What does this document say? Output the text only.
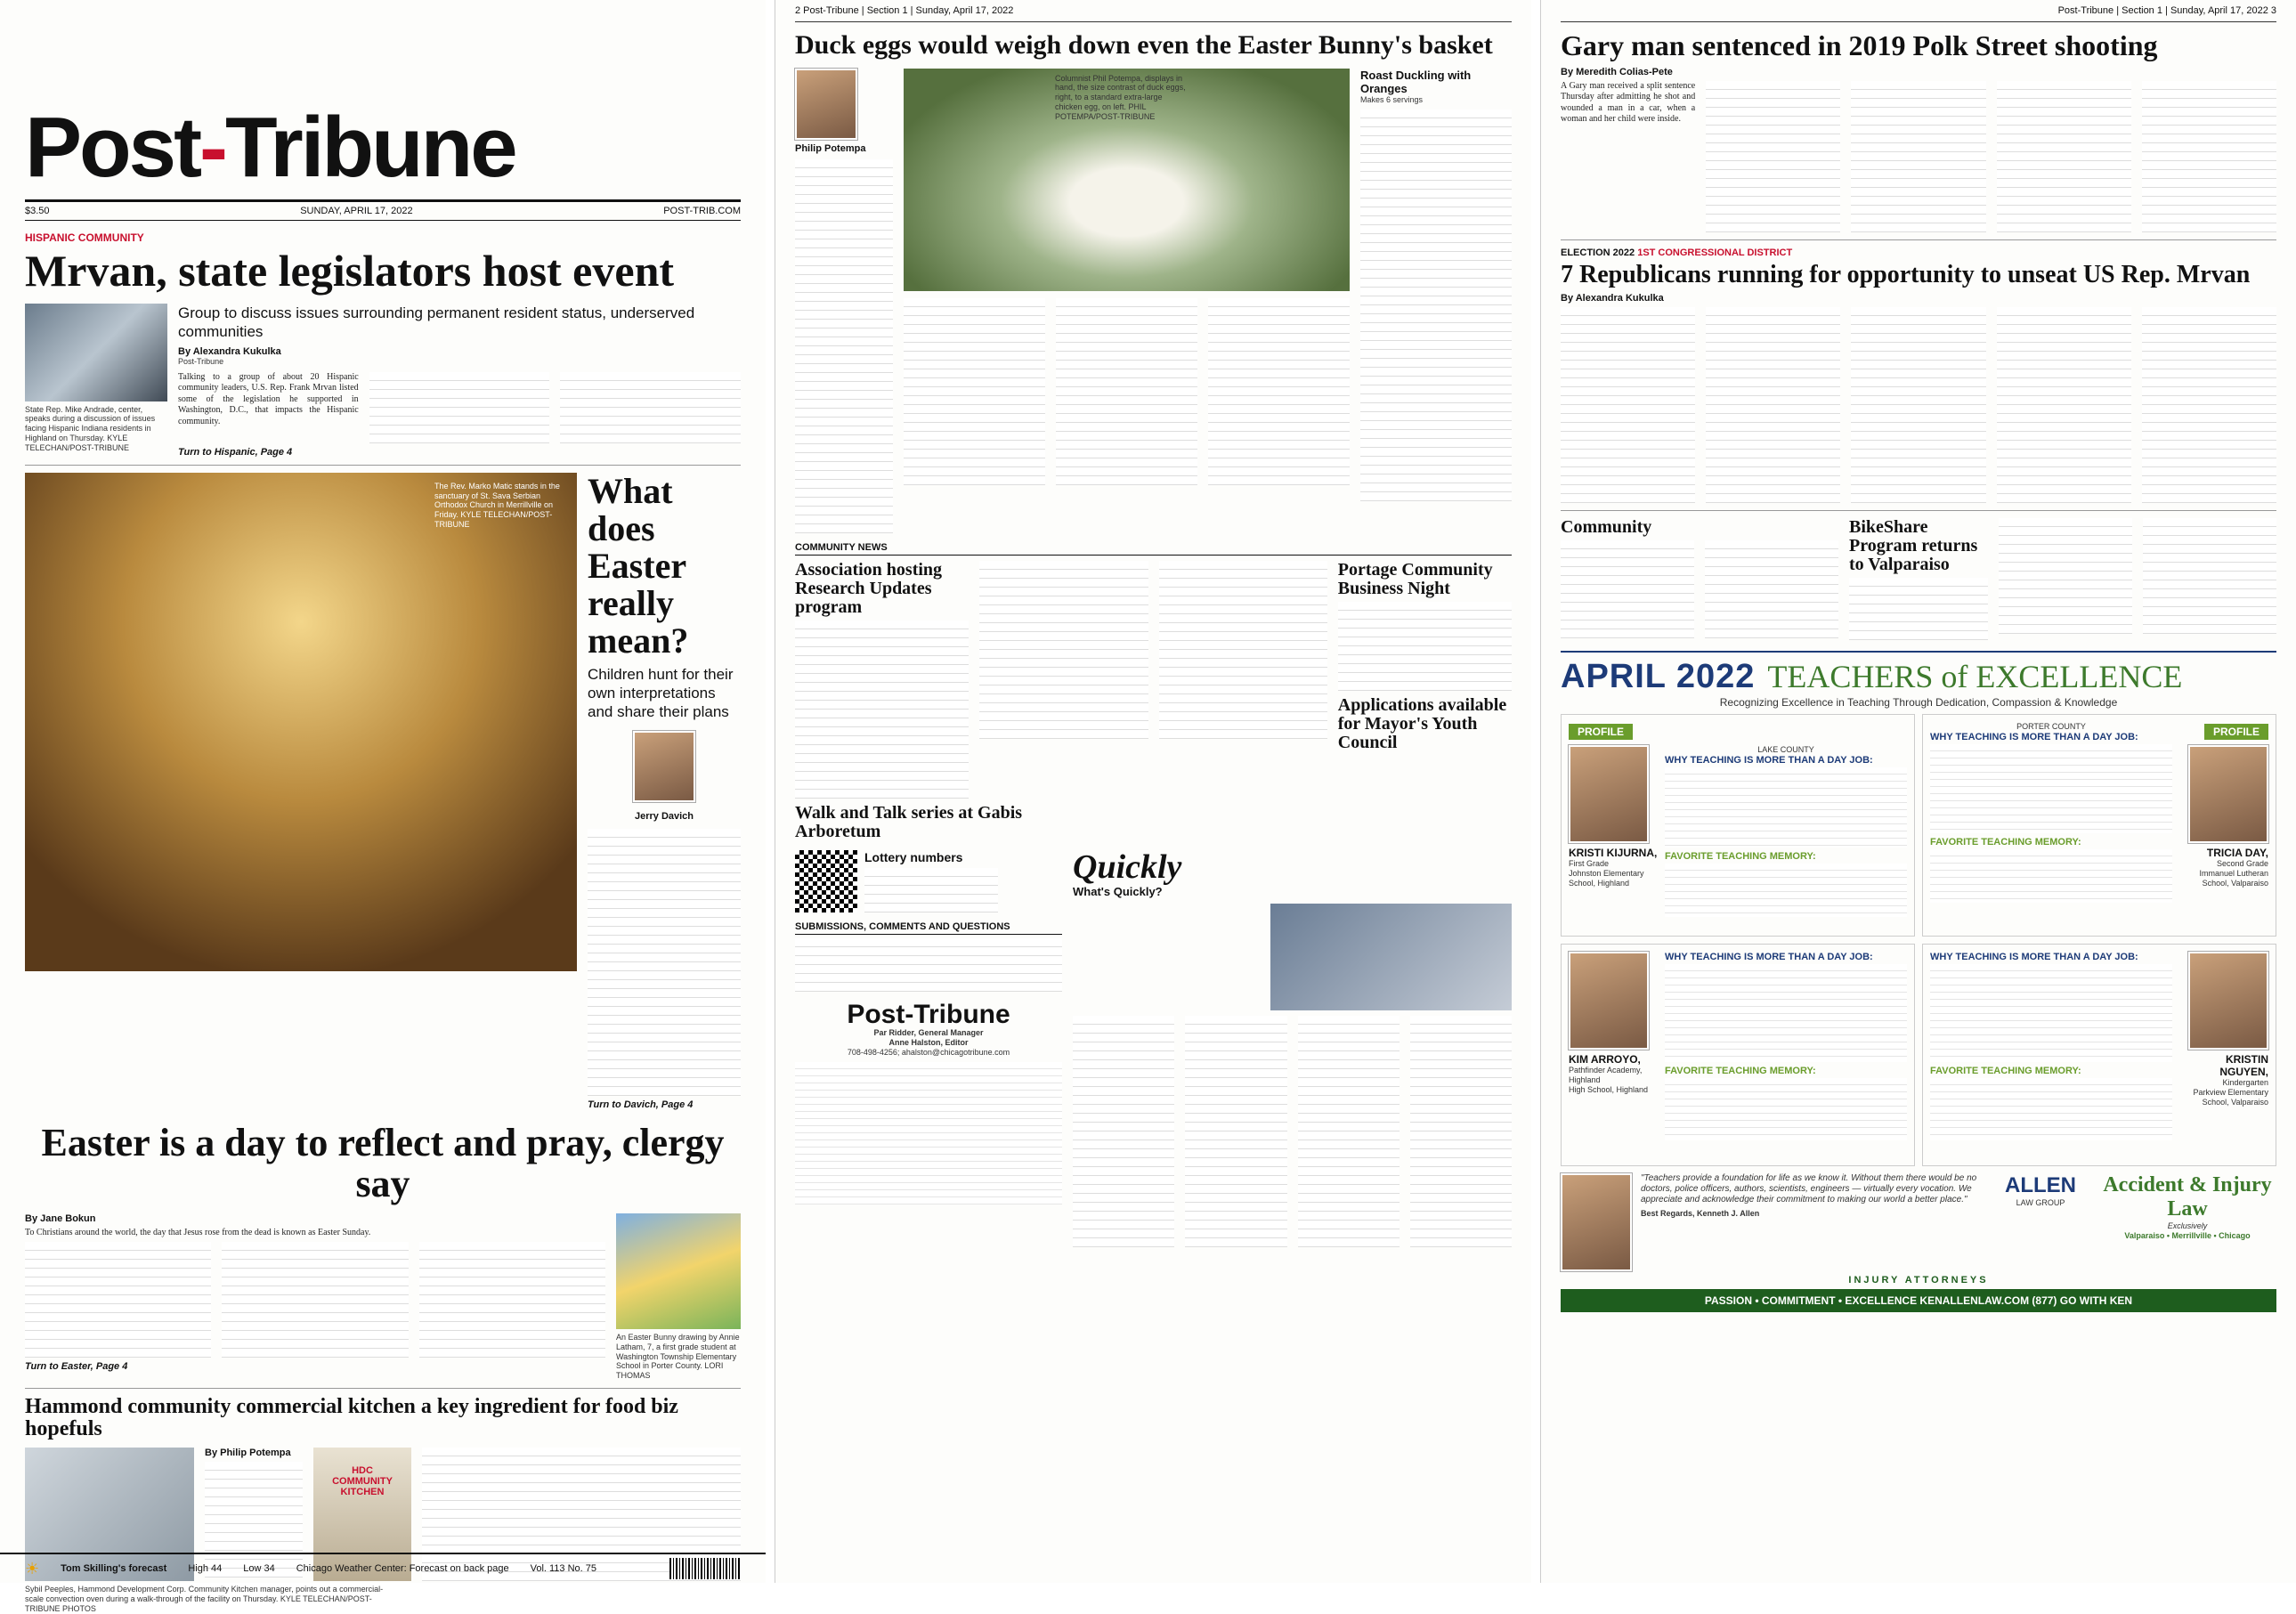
Post-Tribune
$3.50	SUNDAY, APRIL 17, 2022	POST-TRIB.COM
HISPANIC COMMUNITY
Mrvan, state legislators host event
State Rep. Mike Andrade, center, speaks during a discussion of issues facing Hispanic Indiana residents in Highland on Thursday. KYLE TELECHAN/POST-TRIBUNE
Group to discuss issues surrounding permanent resident status, underserved communities
By Alexandra Kukulka
Post-Tribune
Talking to a group of about 20 Hispanic community leaders, U.S. Rep. Frank Mrvan listed some of the legislation he supported in Washington, D.C., that impacts the Hispanic community.
Turn to Hispanic, Page 4
The Rev. Marko Matic stands in the sanctuary of St. Sava Serbian Orthodox Church in Merrillville on Friday. KYLE TELECHAN/POST-TRIBUNE
What does Easter really mean?
Children hunt for their own interpretations and share their plans
Jerry Davich
Turn to Davich, Page 4
Easter is a day to reflect and pray, clergy say
By Jane Bokun
To Christians around the world, the day that Jesus rose from the dead is known as Easter Sunday.
Turn to Easter, Page 4
An Easter Bunny drawing by Annie Latham, 7, a first grade student at Washington Township Elementary School in Porter County. LORI THOMAS
Hammond community commercial kitchen a key ingredient for food biz hopefuls
By Philip Potempa
HDC COMMUNITY KITCHEN
Sybil Peeples, Hammond Development Corp. Community Kitchen manager, points out a commercial-scale convection oven during a walk-through of the facility on Thursday. KYLE TELECHAN/POST-TRIBUNE PHOTOS
☀ Tom Skilling's forecast High 44 Low 34 Chicago Weather Center: Forecast on back page Vol. 113 No. 75
2 Post-Tribune | Section 1 | Sunday, April 17, 2022
Duck eggs would weigh down even the Easter Bunny's basket
Philip Potempa
Columnist Phil Potempa, displays in hand, the size contrast of duck eggs, right, to a standard extra-large chicken egg, on left. PHIL POTEMPA/POST-TRIBUNE
Roast Duckling with Oranges
Makes 6 servings
COMMUNITY NEWS
Association hosting Research Updates program
Portage Community Business Night
Applications available for Mayor's Youth Council
Walk and Talk series at Gabis Arboretum
Lottery numbers
SUBMISSIONS, COMMENTS AND QUESTIONS
Post-Tribune
Par Ridder, General Manager
Anne Halston, Editor
708-498-4256; ahalston@chicagotribune.com
Quickly
What's Quickly?
Post-Tribune | Section 1 | Sunday, April 17, 2022 3
Gary man sentenced in 2019 Polk Street shooting
By Meredith Colias-Pete
A Gary man received a split sentence Thursday after admitting he shot and wounded a man in a car, when a woman and her child were inside.
ELECTION 2022 1ST CONGRESSIONAL DISTRICT
7 Republicans running for opportunity to unseat US Rep. Mrvan
By Alexandra Kukulka
Community	BikeShare Program returns to Valparaiso
APRIL 2022 TEACHERS of EXCELLENCE
Recognizing Excellence in Teaching Through Dedication, Compassion & Knowledge
PROFILE
KRISTI KIJURNA,
First Grade
Johnston Elementary School, Highland
LAKE COUNTY
WHY TEACHING IS MORE THAN A DAY JOB:
FAVORITE TEACHING MEMORY:
PORTER COUNTY
WHY TEACHING IS MORE THAN A DAY JOB:
FAVORITE TEACHING MEMORY:
PROFILE
TRICIA DAY,
Second Grade
Immanuel Lutheran School, Valparaiso
KIM ARROYO,
Pathfinder Academy, Highland
High School, Highland
WHY TEACHING IS MORE THAN A DAY JOB:
FAVORITE TEACHING MEMORY:
WHY TEACHING IS MORE THAN A DAY JOB:
FAVORITE TEACHING MEMORY:
KRISTIN NGUYEN,
Kindergarten
Parkview Elementary School, Valparaiso
"Teachers provide a foundation for life as we know it. Without them there would be no doctors, police officers, authors, scientists, engineers — virtually every vocation. We appreciate and acknowledge their commitment to making our world a better place."
Best Regards, Kenneth J. Allen
ALLEN
LAW GROUP
Accident & Injury Law
Exclusively
Valparaiso • Merrillville • Chicago
INJURY ATTORNEYS
PASSION • COMMITMENT • EXCELLENCE KENALLENLAW.COM (877) GO WITH KEN
